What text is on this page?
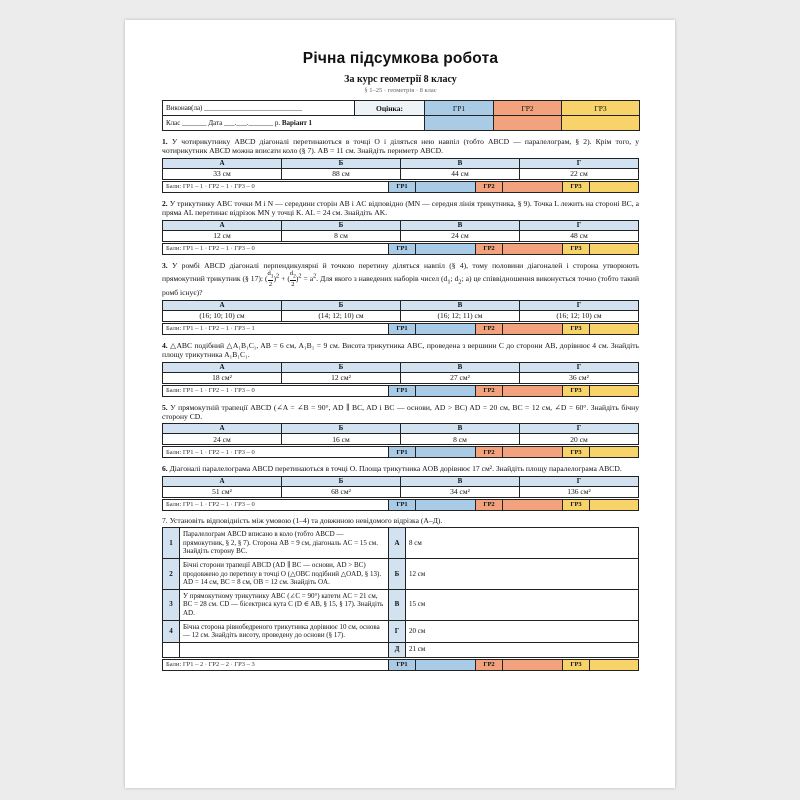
Річна підсумкова робота
За курс геометрії 8 класу
§ 1–25 · геометрія · 8 клас
Виконав(ла) ____________________________	Оцінка:	ГР1	ГР2	ГР3
Клас _______ Дата ___.___._______ р. Варіант 1				
1. У чотирикутнику ABCD діагоналі перетинаються в точці O і діляться нею навпіл (тобто ABCD — паралелограм, § 2). Крім того, у чотирикутник ABCD можна вписати коло (§ 7). AB = 11 см. Знайдіть периметр ABCD.
А	Б	В	Г
33 см	88 см	44 см	22 см
Бали: ГР1 – 1 · ГР2 – 1 · ГР3 – 0	ГР1		ГР2		ГР3	
2. У трикутнику ABC точки M і N — середини сторін AB і AC відповідно (MN — середня лінія трикутника, § 9). Точка L лежить на стороні BC, а пряма AL перетинає відрізок MN у точці K. AL = 24 см. Знайдіть AK.
А	Б	В	Г
12 см	8 см	24 см	48 см
Бали: ГР1 – 1 · ГР2 – 1 · ГР3 – 0	ГР1		ГР2		ГР3	
3. У ромбі ABCD діагоналі перпендикулярні й точкою перетину діляться навпіл (§ 4), тому половини діагоналей і сторона утворюють прямокутний трикутник (§ 17): ( $\frac{d_1}{2} )^2$ + ( $\frac{d_2}{2} )^2 = a^2$. Для якого з наведених наборів чисел ($d_1$; $d_2$; a) це співвідношення виконується точно (тобто такий ромб існує)?
А	Б	В	Г
(16; 10; 10) см	(14; 12; 10) см	(16; 12; 11) см	(16; 12; 10) см
Бали: ГР1 – 1 · ГР2 – 1 · ГР3 – 1	ГР1		ГР2		ГР3	
4. △ABC подібний △A₁B₁C₁, AB = 6 см, A₁B₁ = 9 см. Висота трикутника ABC, проведена з вершини C до сторони AB, дорівнює 4 см. Знайдіть площу трикутника A₁B₁C₁.
А	Б	В	Г
18 см²	12 см²	27 см²	36 см²
Бали: ГР1 – 1 · ГР2 – 1 · ГР3 – 0	ГР1		ГР2		ГР3	
5. У прямокутній трапеції ABCD (∠A = ∠B = 90°, AD ∥ BC, AD і BC — основи, AD > BC) AD = 20 см, BC = 12 см, ∠D = 60°. Знайдіть бічну сторону CD.
А	Б	В	Г
24 см	16 см	8 см	20 см
Бали: ГР1 – 1 · ГР2 – 1 · ГР3 – 0	ГР1		ГР2		ГР3	
6. Діагоналі паралелограма ABCD перетинаються в точці O. Площа трикутника AOB дорівнює 17 см². Знайдіть площу паралелограма ABCD.
А	Б	В	Г
51 см²	68 см²	34 см²	136 см²
Бали: ГР1 – 1 · ГР2 – 1 · ГР3 – 0	ГР1		ГР2		ГР3	
7. Установіть відповідність між умовою (1–4) та довжиною невідомого відрізка (А–Д).
1	Паралелограм ABCD вписано в коло (тобто ABCD — прямокутник, § 2, § 7). Сторона AB = 9 см, діагональ AC = 15 см. Знайдіть сторону BC.	А	8 см
2	Бічні сторони трапеції ABCD (AD ∥ BC — основи, AD > BC) продовжено до перетину в точці O (△OBC подібний △OAD, § 13). AD = 14 см, BC = 8 см, OB = 12 см. Знайдіть OA.	Б	12 см
3	У прямокутному трикутнику ABC (∠C = 90°) катети AC = 21 см, BC = 28 см. CD — бісектриса кута C (D ∈ AB, § 15, § 17). Знайдіть AD.	В	15 см
4	Бічна сторона рівнобедреного трикутника дорівнює 10 см, основа — 12 см. Знайдіть висоту, проведену до основи (§ 17).	Г	20 см
		Д	21 см
Бали: ГР1 – 2 · ГР2 – 2 · ГР3 – 3	ГР1		ГР2		ГР3	
